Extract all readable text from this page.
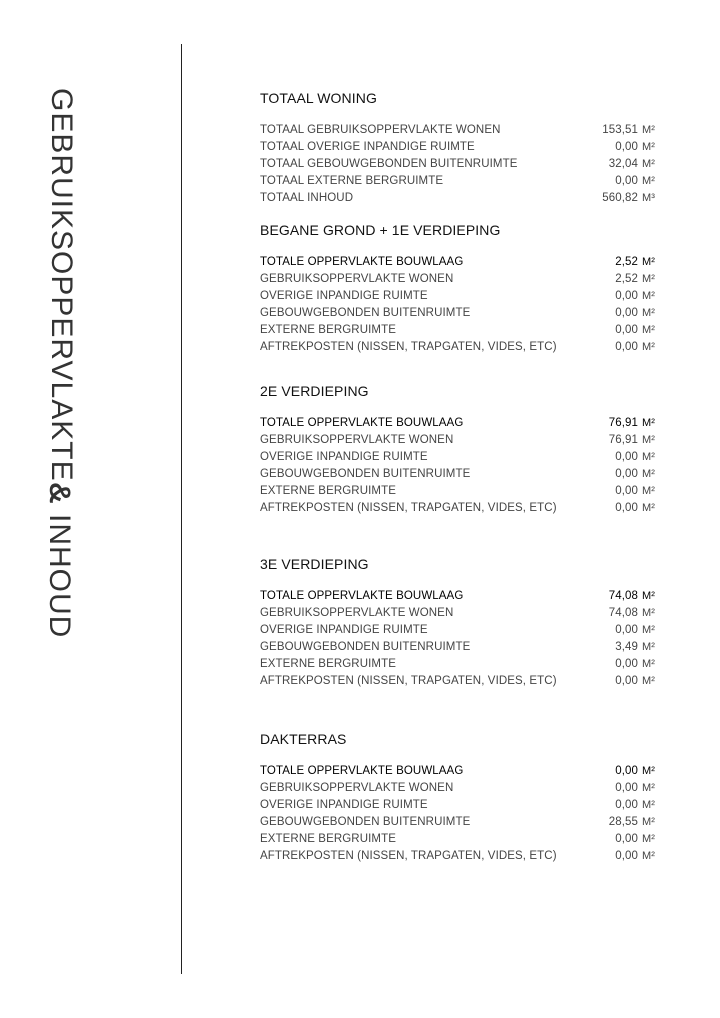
GEBRUIKSOPPERVLAKTE
& INHOUD
TOTAAL WONING
TOTAAL GEBRUIKSOPPERVLAKTE WONEN	153,51 M²
TOTAAL OVERIGE INPANDIGE RUIMTE	0,00 M²
TOTAAL GEBOUWGEBONDEN BUITENRUIMTE	32,04 M²
TOTAAL EXTERNE BERGRUIMTE	0,00 M²
TOTAAL INHOUD	560,82 M³
BEGANE GROND + 1E VERDIEPING
TOTALE OPPERVLAKTE BOUWLAAG	2,52 M²
GEBRUIKSOPPERVLAKTE WONEN	2,52 M²
OVERIGE INPANDIGE RUIMTE	0,00 M²
GEBOUWGEBONDEN BUITENRUIMTE	0,00 M²
EXTERNE BERGRUIMTE	0,00 M²
AFTREKPOSTEN (NISSEN, TRAPGATEN, VIDES, ETC)	0,00 M²
2E VERDIEPING
TOTALE OPPERVLAKTE BOUWLAAG	76,91 M²
GEBRUIKSOPPERVLAKTE WONEN	76,91 M²
OVERIGE INPANDIGE RUIMTE	0,00 M²
GEBOUWGEBONDEN BUITENRUIMTE	0,00 M²
EXTERNE BERGRUIMTE	0,00 M²
AFTREKPOSTEN (NISSEN, TRAPGATEN, VIDES, ETC)	0,00 M²
3E VERDIEPING
TOTALE OPPERVLAKTE BOUWLAAG	74,08 M²
GEBRUIKSOPPERVLAKTE WONEN	74,08 M²
OVERIGE INPANDIGE RUIMTE	0,00 M²
GEBOUWGEBONDEN BUITENRUIMTE	3,49 M²
EXTERNE BERGRUIMTE	0,00 M²
AFTREKPOSTEN (NISSEN, TRAPGATEN, VIDES, ETC)	0,00 M²
DAKTERRAS
TOTALE OPPERVLAKTE BOUWLAAG	0,00 M²
GEBRUIKSOPPERVLAKTE WONEN	0,00 M²
OVERIGE INPANDIGE RUIMTE	0,00 M²
GEBOUWGEBONDEN BUITENRUIMTE	28,55 M²
EXTERNE BERGRUIMTE	0,00 M²
AFTREKPOSTEN (NISSEN, TRAPGATEN, VIDES, ETC)	0,00 M²
